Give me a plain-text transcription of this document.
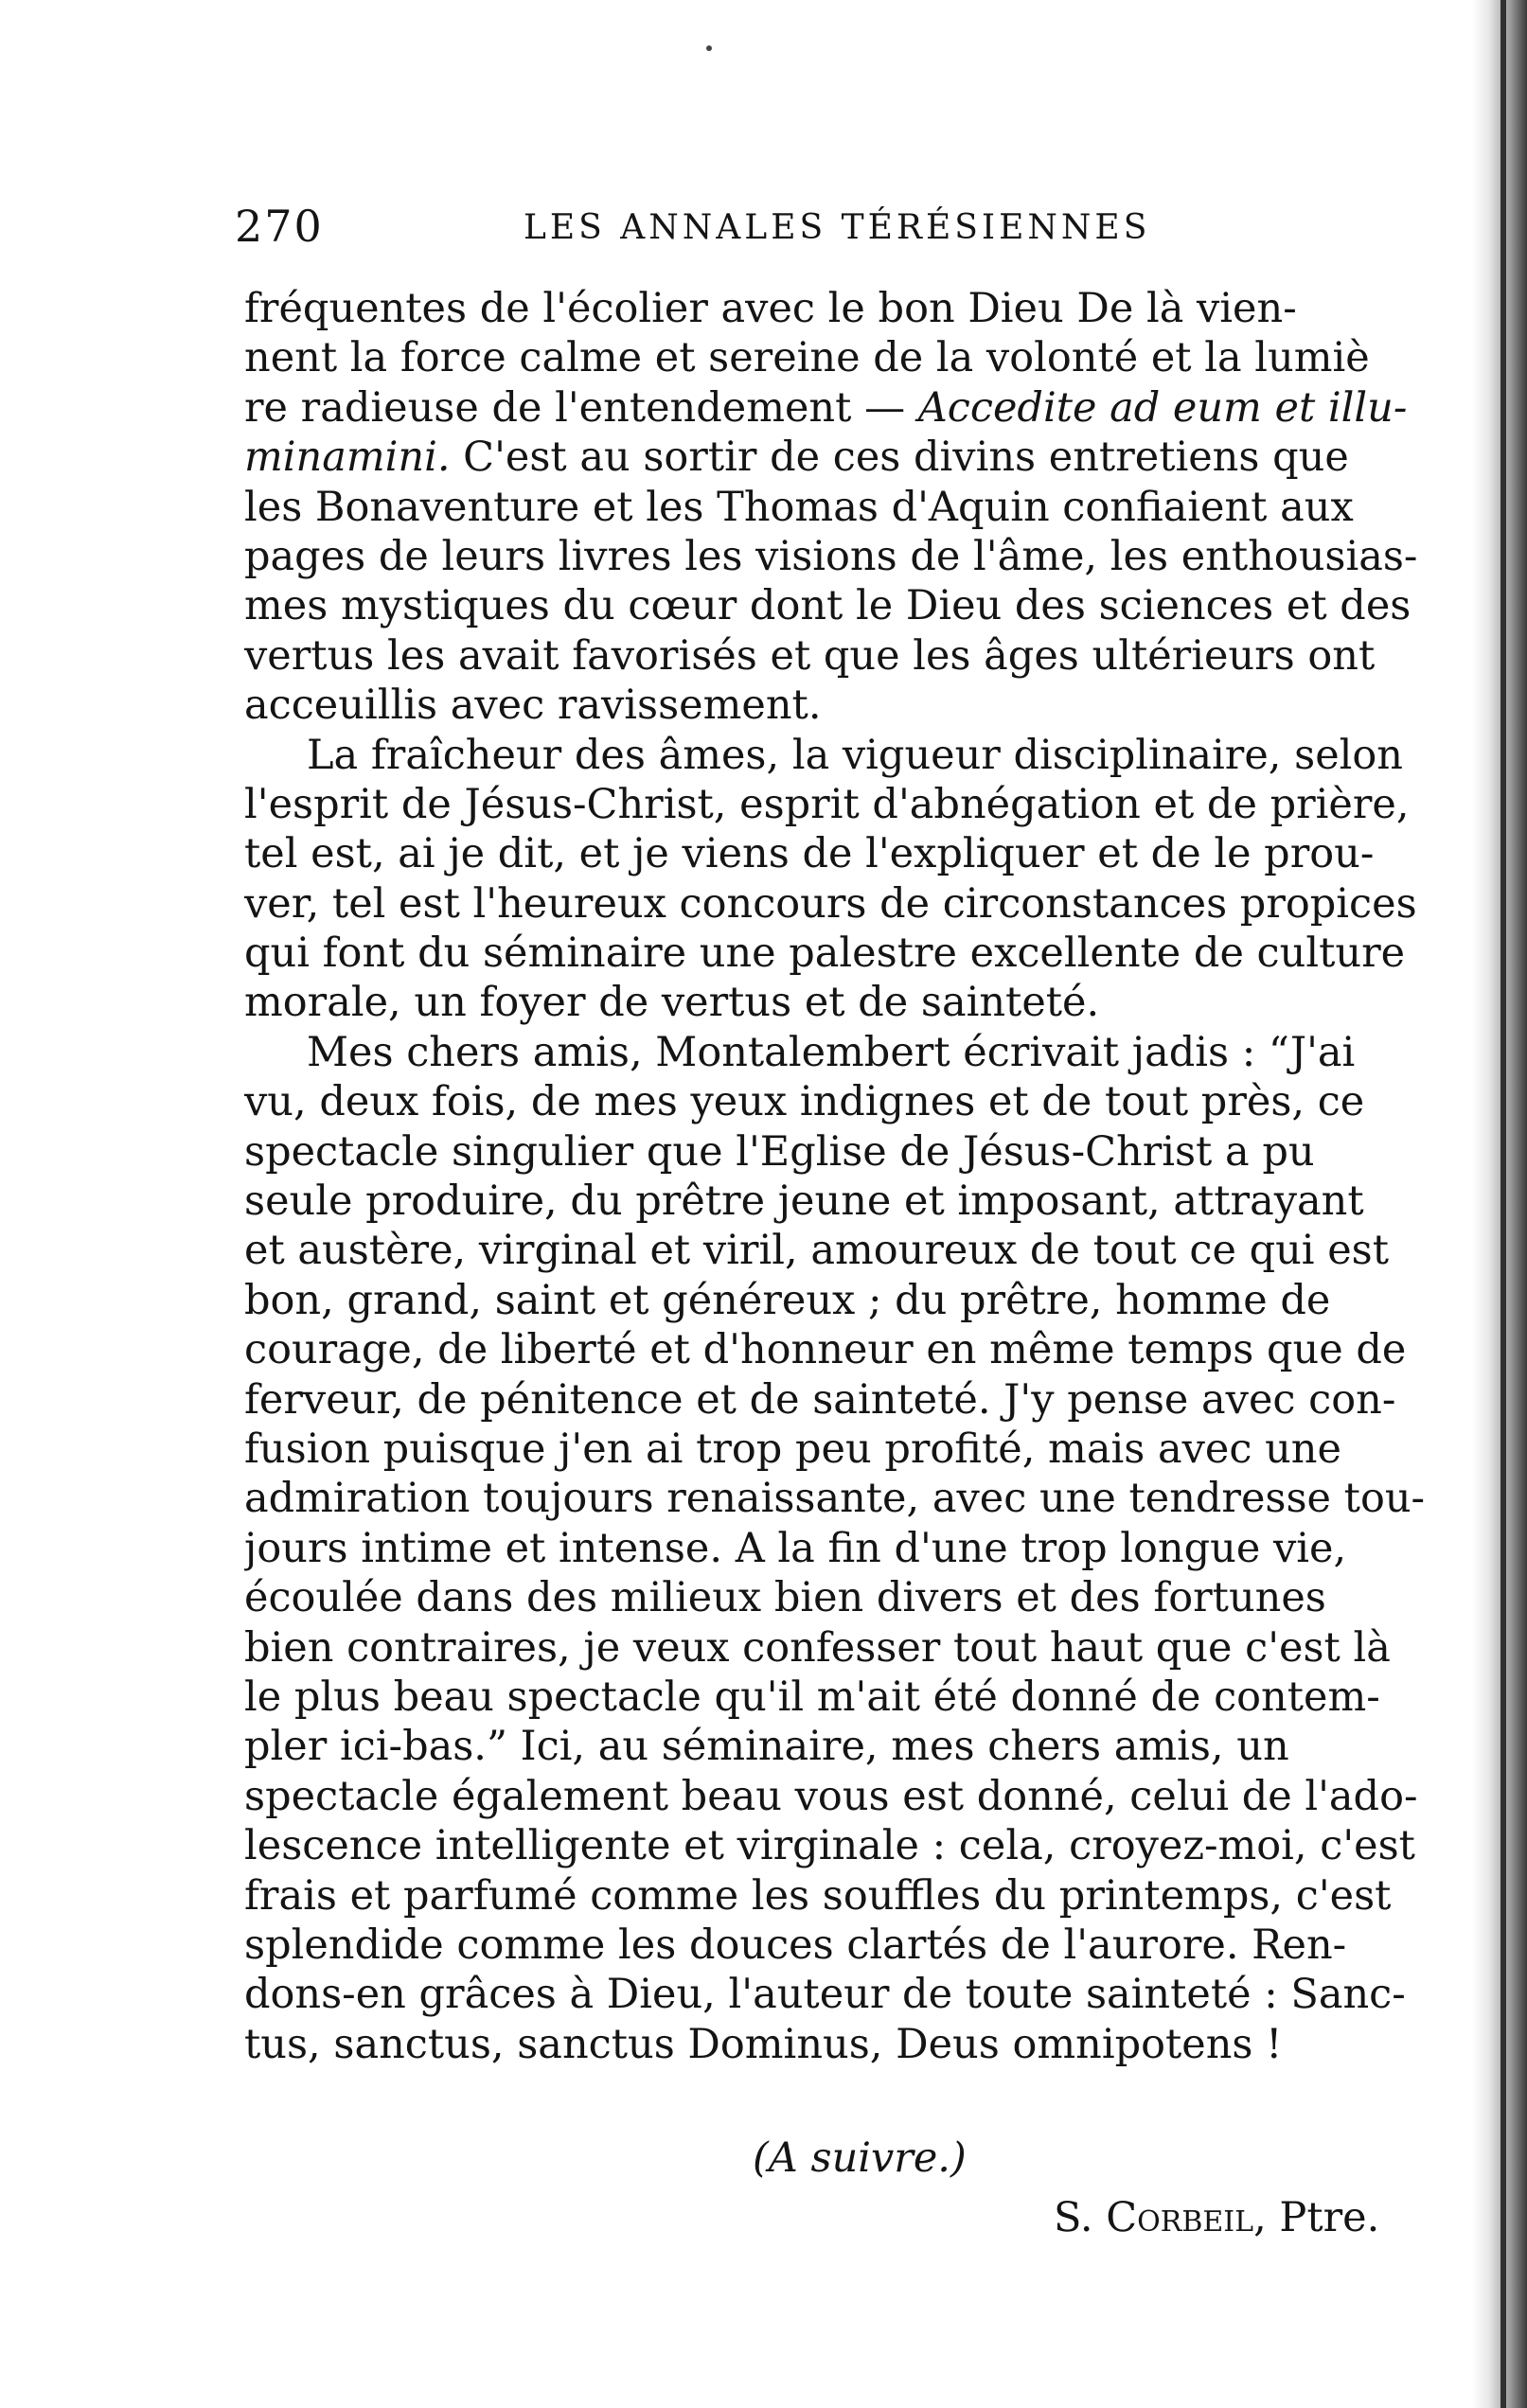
270	LES ANNALES TÉRÉSIENNES
fréquentes de l'écolier avec le bon Dieu De là vien-
nent la force calme et sereine de la volonté et la lumiè
re radieuse de l'entendement — Accedite ad eum et illu-
minamini. C'est au sortir de ces divins entretiens que
les Bonaventure et les Thomas d'Aquin confiaient aux
pages de leurs livres les visions de l'âme, les enthousias-
mes mystiques du cœur dont le Dieu des sciences et des
vertus les avait favorisés et que les âges ultérieurs ont
acceuillis avec ravissement.
La fraîcheur des âmes, la vigueur disciplinaire, selon
l'esprit de Jésus-Christ, esprit d'abnégation et de prière,
tel est, ai je dit, et je viens de l'expliquer et de le prou-
ver, tel est l'heureux concours de circonstances propices
qui font du séminaire une palestre excellente de culture
morale, un foyer de vertus et de sainteté.
Mes chers amis, Montalembert écrivait jadis : “J'ai
vu, deux fois, de mes yeux indignes et de tout près, ce
spectacle singulier que l'Eglise de Jésus-Christ a pu
seule produire, du prêtre jeune et imposant, attrayant
et austère, virginal et viril, amoureux de tout ce qui est
bon, grand, saint et généreux ; du prêtre, homme de
courage, de liberté et d'honneur en même temps que de
ferveur, de pénitence et de sainteté. J'y pense avec con-
fusion puisque j'en ai trop peu profité, mais avec une
admiration toujours renaissante, avec une tendresse tou-
jours intime et intense. A la fin d'une trop longue vie,
écoulée dans des milieux bien divers et des fortunes
bien contraires, je veux confesser tout haut que c'est là
le plus beau spectacle qu'il m'ait été donné de contem-
pler ici-bas.” Ici, au séminaire, mes chers amis, un
spectacle également beau vous est donné, celui de l'ado-
lescence intelligente et virginale : cela, croyez-moi, c'est
frais et parfumé comme les souffles du printemps, c'est
splendide comme les douces clartés de l'aurore. Ren-
dons-en grâces à Dieu, l'auteur de toute sainteté : Sanc-
tus, sanctus, sanctus Dominus, Deus omnipotens !
(A suivre.)
S. Corbeil, Ptre.
